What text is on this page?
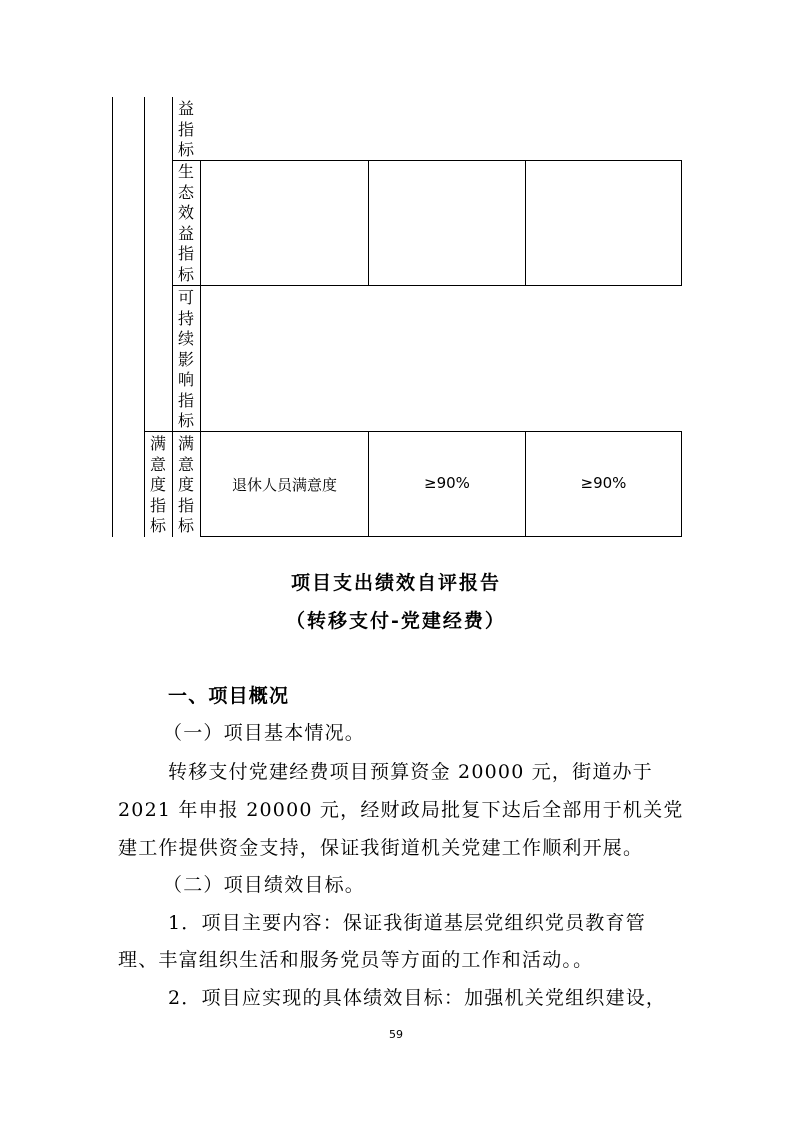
益指标
生态效益指标
可持续影响指标
满意度指标
满意度指标
退休人员满意度	≥90%	≥90%
项目支出绩效自评报告
（转移支付-党建经费）
一、项目概况
（一）项目基本情况。
转移支付党建经费项目预算资金 20000 元，街道办于
2021 年申报 20000 元，经财政局批复下达后全部用于机关党
建工作提供资金支持，保证我街道机关党建工作顺利开展。
（二）项目绩效目标。
1．项目主要内容：保证我街道基层党组织党员教育管
理、丰富组织生活和服务党员等方面的工作和活动。。
2．项目应实现的具体绩效目标：加强机关党组织建设，
59
